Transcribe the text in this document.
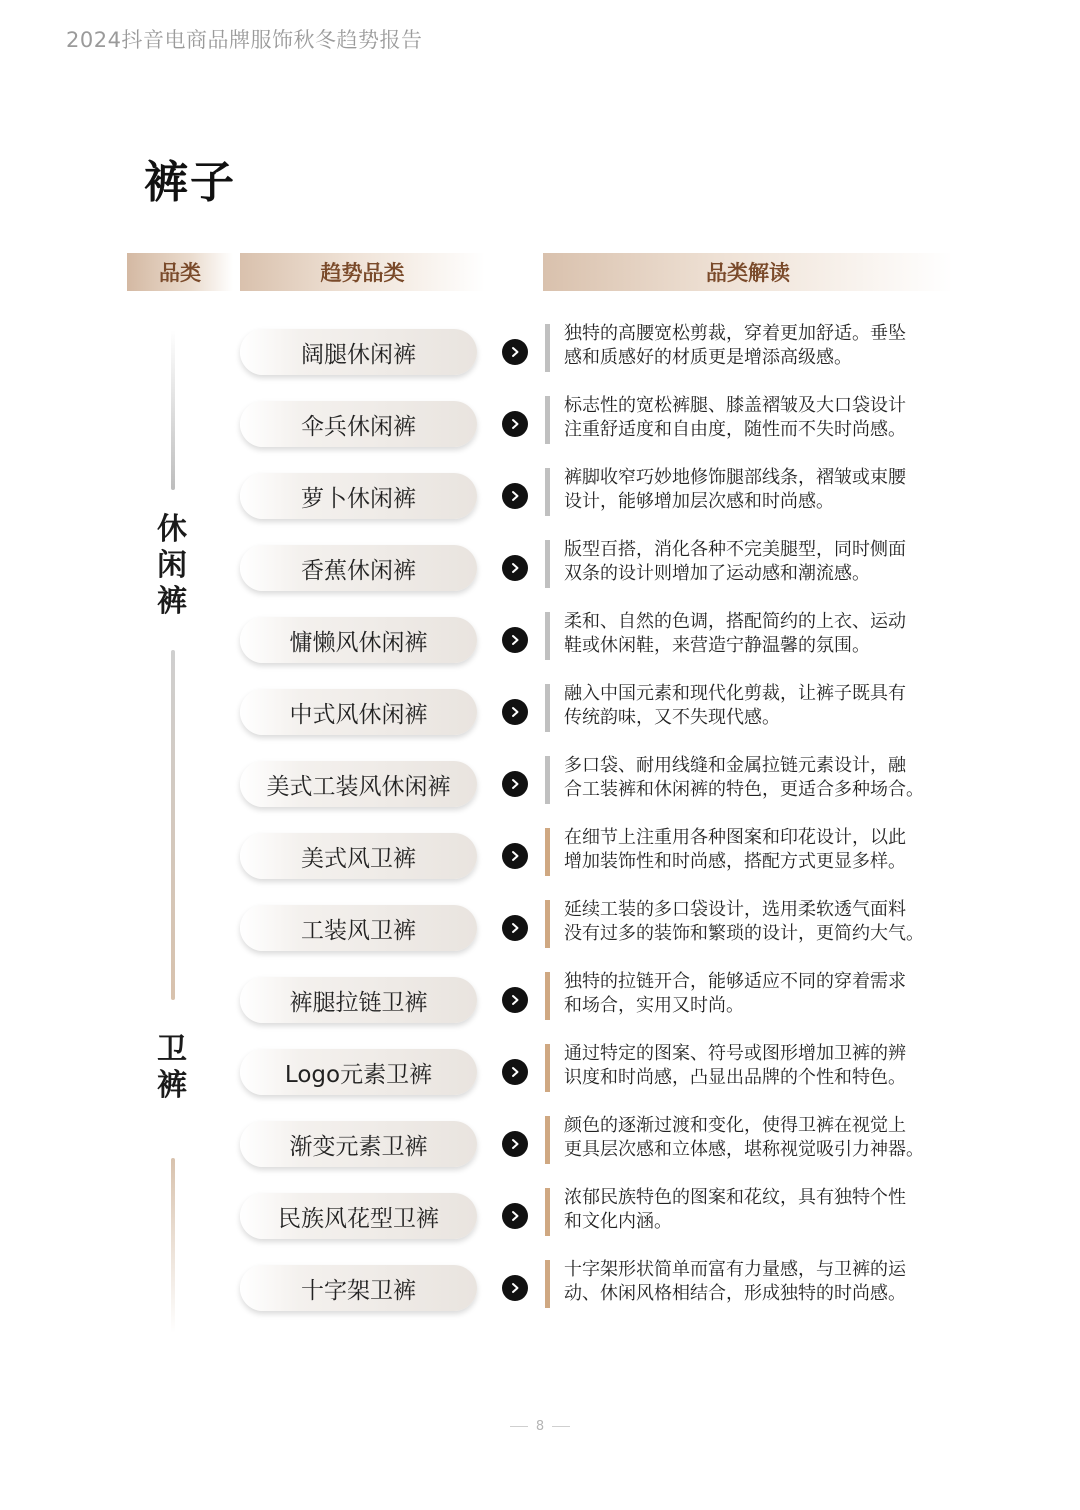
2024抖音电商品牌服饰秋冬趋势报告
裤子
品类	趋势品类	品类解读
休
闲
裤
卫
裤
阔腿休闲裤
独特的高腰宽松剪裁，穿着更加舒适。垂坠
感和质感好的材质更是增添高级感。
伞兵休闲裤
标志性的宽松裤腿、膝盖褶皱及大口袋设计
注重舒适度和自由度，随性而不失时尚感。
萝卜休闲裤
裤脚收窄巧妙地修饰腿部线条，褶皱或束腰
设计，能够增加层次感和时尚感。
香蕉休闲裤
版型百搭，消化各种不完美腿型，同时侧面
双条的设计则增加了运动感和潮流感。
慵懒风休闲裤
柔和、自然的色调，搭配简约的上衣、运动
鞋或休闲鞋，来营造宁静温馨的氛围。
中式风休闲裤
融入中国元素和现代化剪裁，让裤子既具有
传统韵味，又不失现代感。
美式工装风休闲裤
多口袋、耐用线缝和金属拉链元素设计，融
合工装裤和休闲裤的特色，更适合多种场合。
美式风卫裤
在细节上注重用各种图案和印花设计，以此
增加装饰性和时尚感，搭配方式更显多样。
工装风卫裤
延续工装的多口袋设计，选用柔软透气面料
没有过多的装饰和繁琐的设计，更简约大气。
裤腿拉链卫裤
独特的拉链开合，能够适应不同的穿着需求
和场合，实用又时尚。
Logo元素卫裤
通过特定的图案、符号或图形增加卫裤的辨
识度和时尚感，凸显出品牌的个性和特色。
渐变元素卫裤
颜色的逐渐过渡和变化，使得卫裤在视觉上
更具层次感和立体感，堪称视觉吸引力神器。
民族风花型卫裤
浓郁民族特色的图案和花纹，具有独特个性
和文化内涵。
十字架卫裤
十字架形状简单而富有力量感，与卫裤的运
动、休闲风格相结合，形成独特的时尚感。
8
